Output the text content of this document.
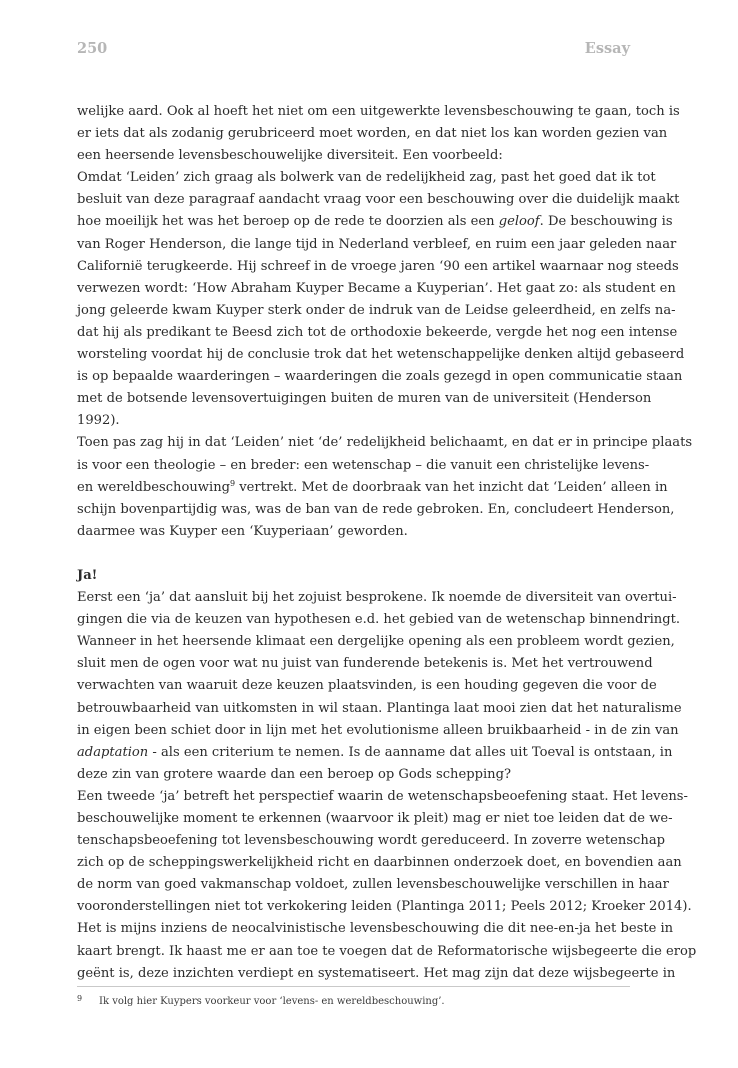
250	Essay

welijke aard. Ook al hoeft het niet om een uitgewerkte levensbeschouwing te gaan, toch is

er iets dat als zodanig gerubriceerd moet worden, en dat niet los kan worden gezien van

een heersende levensbeschouwelijke diversiteit. Een voorbeeld:

Omdat ‘Leiden’ zich graag als bolwerk van de redelijkheid zag, past het goed dat ik tot

besluit van deze paragraaf aandacht vraag voor een beschouwing over die duidelijk maakt

hoe moeilijk het was het beroep op de rede te doorzien als een geloof. De beschouwing is

van Roger Henderson, die lange tijd in Nederland verbleef, en ruim een jaar geleden naar

Californië terugkeerde. Hij schreef in de vroege jaren ‘90 een artikel waarnaar nog steeds

verwezen wordt: ‘How Abraham Kuyper Became a Kuyperian’. Het gaat zo: als student en

jong geleerde kwam Kuyper sterk onder de indruk van de Leidse geleerdheid, en zelfs na-

dat hij als predikant te Beesd zich tot de orthodoxie bekeerde, vergde het nog een intense

worsteling voordat hij de conclusie trok dat het wetenschappelijke denken altijd gebaseerd

is op bepaalde waarderingen – waarderingen die zoals gezegd in open communicatie staan

met de botsende levensovertuigingen buiten de muren van de universiteit (Henderson

1992).

Toen pas zag hij in dat ‘Leiden’ niet ‘de’ redelijkheid belichaamt, en dat er in principe plaats

is voor een theologie – en breder: een wetenschap – die vanuit een christelijke levens-

en wereldbeschouwing$^9$ vertrekt. Met de doorbraak van het inzicht dat ‘Leiden’ alleen in

schijn bovenpartijdig was, was de ban van de rede gebroken. En, concludeert Henderson,

daarmee was Kuyper een ‘Kuyperiaan’ geworden.

Ja!

Eerst een ‘ja’ dat aansluit bij het zojuist besprokene. Ik noemde de diversiteit van overtui-

gingen die via de keuzen van hypothesen e.d. het gebied van de wetenschap binnendringt.

Wanneer in het heersende klimaat een dergelijke opening als een probleem wordt gezien,

sluit men de ogen voor wat nu juist van funderende betekenis is. Met het vertrouwend

verwachten van waaruit deze keuzen plaatsvinden, is een houding gegeven die voor de

betrouwbaarheid van uitkomsten in wil staan. Plantinga laat mooi zien dat het naturalisme

in eigen been schiet door in lijn met het evolutionisme alleen bruikbaarheid - in de zin van

adaptation - als een criterium te nemen. Is de aanname dat alles uit Toeval is ontstaan, in

deze zin van grotere waarde dan een beroep op Gods schepping?

Een tweede ‘ja’ betreft het perspectief waarin de wetenschapsbeoefening staat. Het levens-

beschouwelijke moment te erkennen (waarvoor ik pleit) mag er niet toe leiden dat de we-

tenschapsbeoefening tot levensbeschouwing wordt gereduceerd. In zoverre wetenschap

zich op de scheppingswerkelijkheid richt en daarbinnen onderzoek doet, en bovendien aan

de norm van goed vakmanschap voldoet, zullen levensbeschouwelijke verschillen in haar

vooronderstellingen niet tot verkokering leiden (Plantinga 2011; Peels 2012; Kroeker 2014).

Het is mijns inziens de neocalvinistische levensbeschouwing die dit nee-en-ja het beste in

kaart brengt. Ik haast me er aan toe te voegen dat de Reformatorische wijsbegeerte die erop

geënt is, deze inzichten verdiept en systematiseert. Het mag zijn dat deze wijsbegeerte in

9 Ik volg hier Kuypers voorkeur voor ‘levens- en wereldbeschouwing’.
